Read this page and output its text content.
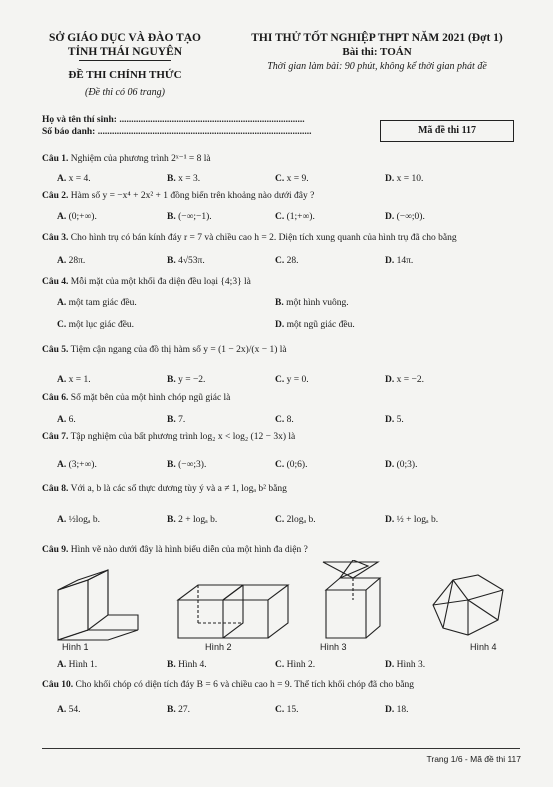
SỞ GIÁO DỤC VÀ ĐÀO TẠO
TỈNH THÁI NGUYÊN
ĐỀ THI CHÍNH THỨC
(Đề thi có 06 trang)
THI THỬ TỐT NGHIỆP THPT NĂM 2021 (Đợt 1)
Bài thi: TOÁN
Thời gian làm bài: 90 phút, không kể thời gian phát đề
Họ và tên thí sinh: ..............................................................................
Số báo danh: ..........................................................................................	Mã đề thi 117
Câu 1. Nghiệm của phương trình 2ˣ⁻¹ = 8 là
A. x = 4.	B. x = 3.	C. x = 9.	D. x = 10.
Câu 2. Hàm số y = −x⁴ + 2x² + 1 đồng biến trên khoảng nào dưới đây ?
A. (0;+∞).	B. (−∞;−1).	C. (1;+∞).	D. (−∞;0).
Câu 3. Cho hình trụ có bán kính đáy r = 7 và chiều cao h = 2. Diện tích xung quanh của hình trụ đã cho bằng
A. 28π.	B. 4√53π.	C. 28.	D. 14π.
Câu 4. Mỗi mặt của một khối đa diện đều loại {4;3} là
A. một tam giác đều.	B. một hình vuông.
C. một lục giác đều.	D. một ngũ giác đều.
Câu 5. Tiệm cận ngang của đồ thị hàm số y = (1 − 2x)/(x − 1) là
A. x = 1.	B. y = −2.	C. y = 0.	D. x = −2.
Câu 6. Số mặt bên của một hình chóp ngũ giác là
A. 6.	B. 7.	C. 8.	D. 5.
Câu 7. Tập nghiệm của bất phương trình log₂ x < log₂ (12 − 3x) là
A. (3;+∞).	B. (−∞;3).	C. (0;6).	D. (0;3).
Câu 8. Với a, b là các số thực dương tùy ý và a ≠ 1, logₐ b² bằng
A. ½logₐ b.	B. 2 + logₐ b.	C. 2logₐ b.	D. ½ + logₐ b.
Câu 9. Hình vẽ nào dưới đây là hình biểu diễn của một hình đa diện ?
A. Hình 1.	B. Hình 4.	C. Hình 2.	D. Hình 3.
Câu 10. Cho khối chóp có diện tích đáy B = 6 và chiều cao h = 9. Thể tích khối chóp đã cho bằng
A. 54.	B. 27.	C. 15.	D. 18.
Hình 1	Hình 2	Hình 3	Hình 4
Trang 1/6 - Mã đề thi 117
